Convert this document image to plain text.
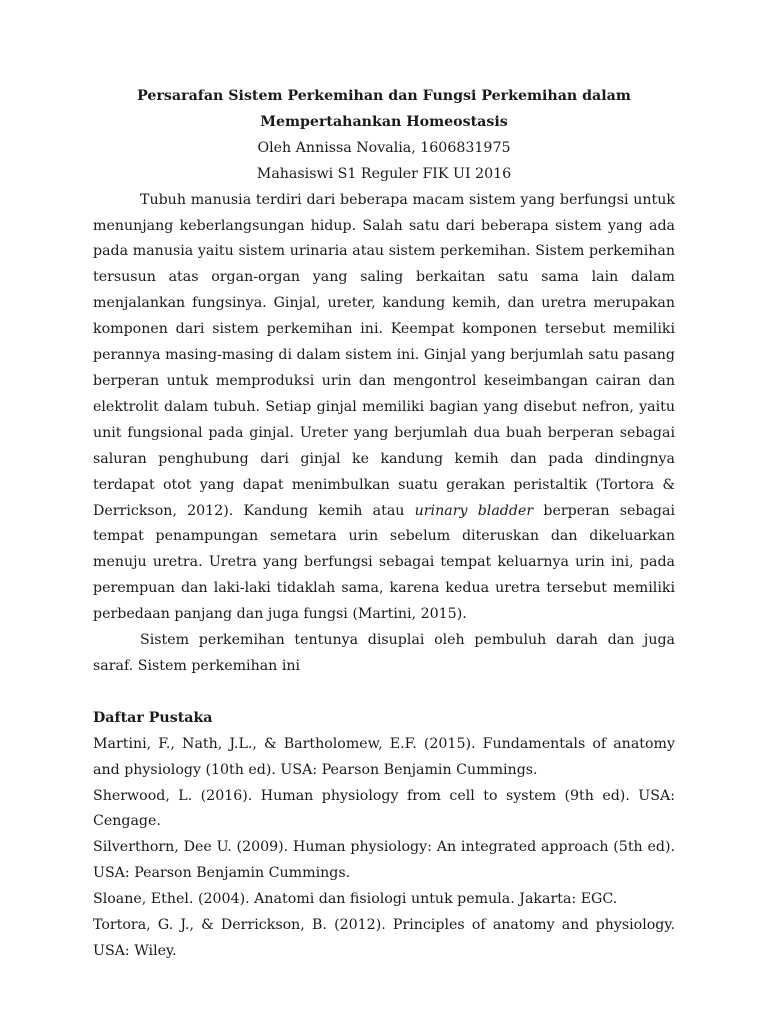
Persarafan Sistem Perkemihan dan Fungsi Perkemihan dalam Mempertahankan Homeostasis

Oleh Annissa Novalia, 1606831975

Mahasiswi S1 Reguler FIK UI 2016

Tubuh manusia terdiri dari beberapa macam sistem yang berfungsi untuk menunjang keberlangsungan hidup. Salah satu dari beberapa sistem yang ada pada manusia yaitu sistem urinaria atau sistem perkemihan. Sistem perkemihan tersusun atas organ-organ yang saling berkaitan satu sama lain dalam menjalankan fungsinya. Ginjal, ureter, kandung kemih, dan uretra merupakan komponen dari sistem perkemihan ini. Keempat komponen tersebut memiliki perannya masing-masing di dalam sistem ini. Ginjal yang berjumlah satu pasang berperan untuk memproduksi urin dan mengontrol keseimbangan cairan dan elektrolit dalam tubuh. Setiap ginjal memiliki bagian yang disebut nefron, yaitu unit fungsional pada ginjal. Ureter yang berjumlah dua buah berperan sebagai saluran penghubung dari ginjal ke kandung kemih dan pada dindingnya terdapat otot yang dapat menimbulkan suatu gerakan peristaltik (Tortora & Derrickson, 2012). Kandung kemih atau urinary bladder berperan sebagai tempat penampungan semetara urin sebelum diteruskan dan dikeluarkan menuju uretra. Uretra yang berfungsi sebagai tempat keluarnya urin ini, pada perempuan dan laki-laki tidaklah sama, karena kedua uretra tersebut memiliki perbedaan panjang dan juga fungsi (Martini, 2015).

Sistem perkemihan tentunya disuplai oleh pembuluh darah dan juga saraf. Sistem perkemihan ini

Daftar Pustaka

Martini, F., Nath, J.L., & Bartholomew, E.F. (2015). Fundamentals of anatomy and physiology (10th ed). USA: Pearson Benjamin Cummings.
Sherwood, L. (2016). Human physiology from cell to system (9th ed). USA: Cengage.
Silverthorn, Dee U. (2009). Human physiology: An integrated approach (5th ed). USA: Pearson Benjamin Cummings.
Sloane, Ethel. (2004). Anatomi dan fisiologi untuk pemula. Jakarta: EGC.
Tortora, G. J., & Derrickson, B. (2012). Principles of anatomy and physiology. USA: Wiley.
